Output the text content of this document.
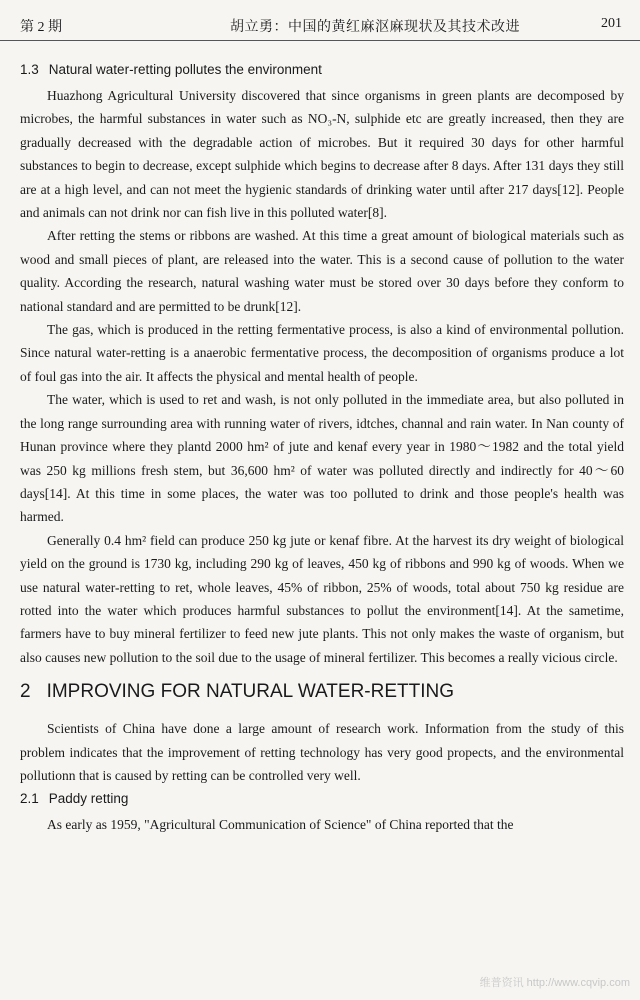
第 2 期	胡立勇：中国的黄红麻沤麻现状及其技术改进	201
1.3 Natural water-retting pollutes the environment

Huazhong Agricultural University discovered that since organisms in green plants are decomposed by microbes, the harmful substances in water such as NO₃-N, sulphide etc are greatly increased, then they are gradually decreased with the degradable action of microbes. But it required 30 days for other harmful substances to begin to decrease, except sulphide which begins to decrease after 8 days. After 131 days they still are at a high level, and can not meet the hygienic standards of drinking water until after 217 days[12]. People and animals can not drink nor can fish live in this polluted water[8].

After retting the stems or ribbons are washed. At this time a great amount of biological materials such as wood and small pieces of plant, are released into the water. This is a second cause of pollution to the water quality. According the research, natural washing water must be stored over 30 days before they conform to national standard and are permitted to be drunk[12].

The gas, which is produced in the retting fermentative process, is also a kind of environmental pollution. Since natural water-retting is a anaerobic fermentative process, the decomposition of organisms produce a lot of foul gas into the air. It affects the physical and mental health of people.

The water, which is used to ret and wash, is not only polluted in the immediate area, but also polluted in the long range surrounding area with running water of rivers, idtches, channal and rain water. In Nan county of Hunan province where they plantd 2000 hm² of jute and kenaf every year in 1980～1982 and the total yield was 250 kg millions fresh stem, but 36,600 hm² of water was polluted directly and indirectly for 40～60 days[14]. At this time in some places, the water was too polluted to drink and those people's health was harmed.

Generally 0.4 hm² field can produce 250 kg jute or kenaf fibre. At the harvest its dry weight of biological yield on the ground is 1730 kg, including 290 kg of leaves, 450 kg of ribbons and 990 kg of woods. When we use natural water-retting to ret, whole leaves, 45% of ribbon, 25% of woods, total about 750 kg residue are rotted into the water which produces harmful substances to pollut the environment[14]. At the sametime, farmers have to buy mineral fertilizer to feed new jute plants. This not only makes the waste of organism, but also causes new pollution to the soil due to the usage of mineral fertilizer. This becomes a really vicious circle.

2 IMPROVING FOR NATURAL WATER-RETTING

Scientists of China have done a large amount of research work. Information from the study of this problem indicates that the improvement of retting technology has very good propects, and the environmental pollutionn that is caused by retting can be controlled very well.

2.1 Paddy retting

As early as 1959, "Agricultural Communication of Science" of China reported that the

维普资讯 http://www.cqvip.com
